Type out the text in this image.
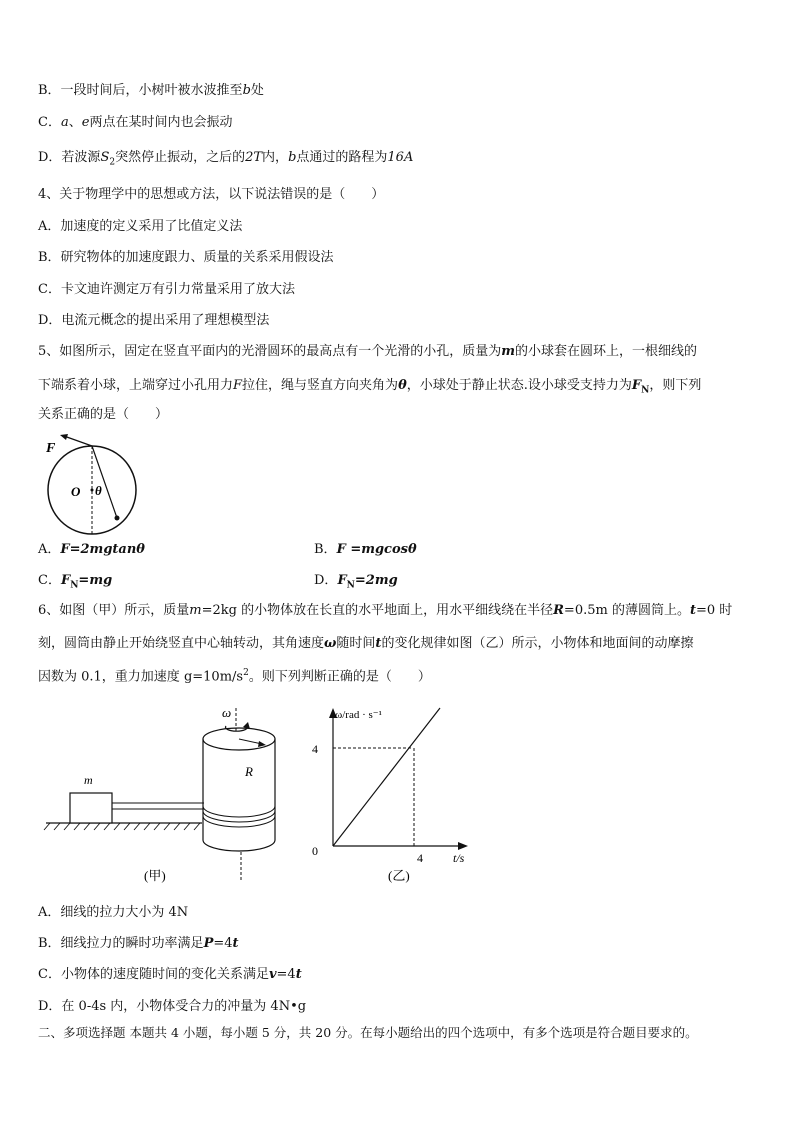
B．一段时间后，小树叶被水波推至b处
C．a、e两点在某时间内也会振动
D．若波源$S_2$突然停止振动，之后的2T内，b点通过的路程为16A
4、关于物理学中的思想或方法，以下说法错误的是（　　）
A．加速度的定义采用了比值定义法
B．研究物体的加速度跟力、质量的关系采用假设法
C．卡文迪许测定万有引力常量采用了放大法
D．电流元概念的提出采用了理想模型法
5、如图所示，固定在竖直平面内的光滑圆环的最高点有一个光滑的小孔，质量为m的小球套在圆环上，一根细线的
下端系着小球，上端穿过小孔用力F拉住，绳与竖直方向夹角为θ，小球处于静止状态.设小球受支持力为$F_N$，则下列
关系正确的是（　　）
F
O θ
A．F=2mgtanθ	B．F =mgcosθ
C．$F_N=mg$	D．$F_N=2mg$
6、如图（甲）所示，质量m=2kg 的小物体放在长直的水平地面上，用水平细线绕在半径R=0.5m 的薄圆筒上。t=0 时
刻，圆筒由静止开始绕竖直中心轴转动，其角速度ω随时间t的变化规律如图（乙）所示，小物体和地面间的动摩擦
因数为 0.1，重力加速度 $g=10m/s^2$。则下列判断正确的是（　　）
m
R
ω
(甲)
ω/rad · s⁻¹
4
0	4	t/s
(乙)
A．细线的拉力大小为 4N
B．细线拉力的瞬时功率满足P=4t
C．小物体的速度随时间的变化关系满足v=4t
D．在 0-4s 内，小物体受合力的冲量为 4N•g
二、多项选择题 本题共 4 小题，每小题 5 分，共 20 分。在每小题给出的四个选项中，有多个选项是符合题目要求的。
